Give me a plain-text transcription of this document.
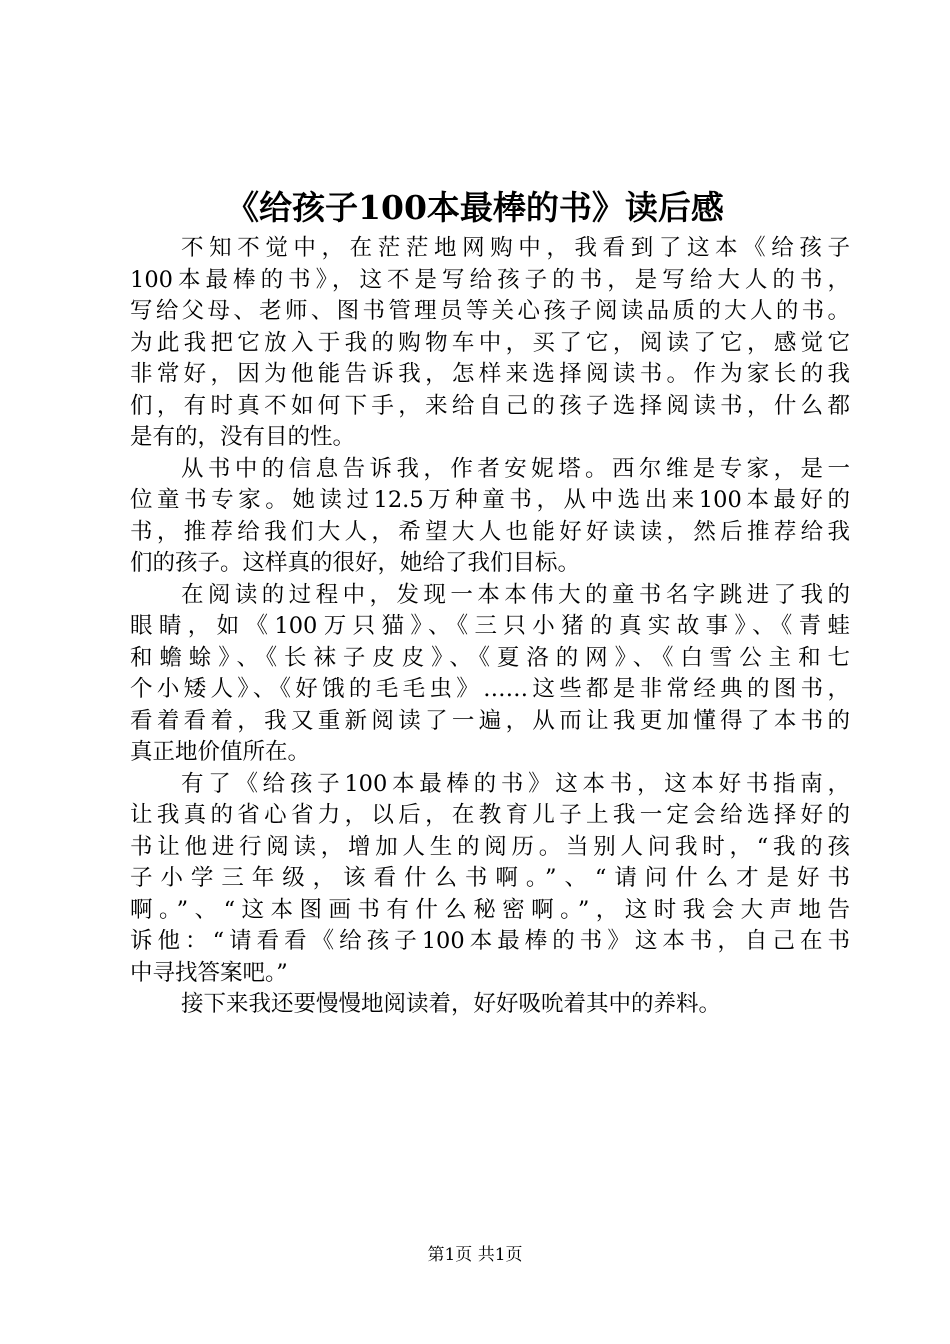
《给孩子100本最棒的书》读后感
不知不觉中，在茫茫地网购中，我看到了这本《给孩子
100本最棒的书》，这不是写给孩子的书，是写给大人的书，
写给父母、老师、图书管理员等关心孩子阅读品质的大人的书。
为此我把它放入于我的购物车中，买了它，阅读了它，感觉它
非常好，因为他能告诉我，怎样来选择阅读书。作为家长的我
们，有时真不如何下手，来给自己的孩子选择阅读书，什么都
是有的，没有目的性。
从书中的信息告诉我，作者安妮塔。西尔维是专家，是一
位童书专家。她读过12.5万种童书，从中选出来100本最好的
书，推荐给我们大人，希望大人也能好好读读，然后推荐给我
们的孩子。这样真的很好，她给了我们目标。
在阅读的过程中，发现一本本伟大的童书名字跳进了我的
眼睛，如《100万只猫》、《三只小猪的真实故事》、《青蛙
和蟾蜍》、《长袜子皮皮》、《夏洛的网》、《白雪公主和七
个小矮人》、《好饿的毛毛虫》……这些都是非常经典的图书，
看着看着，我又重新阅读了一遍，从而让我更加懂得了本书的
真正地价值所在。
有了《给孩子100本最棒的书》这本书，这本好书指南，
让我真的省心省力，以后，在教育儿子上我一定会给选择好的
书让他进行阅读，增加人生的阅历。当别人问我时，“我的孩
子小学三年级，该看什么书啊。”、“请问什么才是好书
啊。”、“这本图画书有什么秘密啊。”，这时我会大声地告
诉他：“请看看《给孩子100本最棒的书》这本书，自己在书
中寻找答案吧。”
接下来我还要慢慢地阅读着，好好吸吮着其中的养料。
第1页 共1页
